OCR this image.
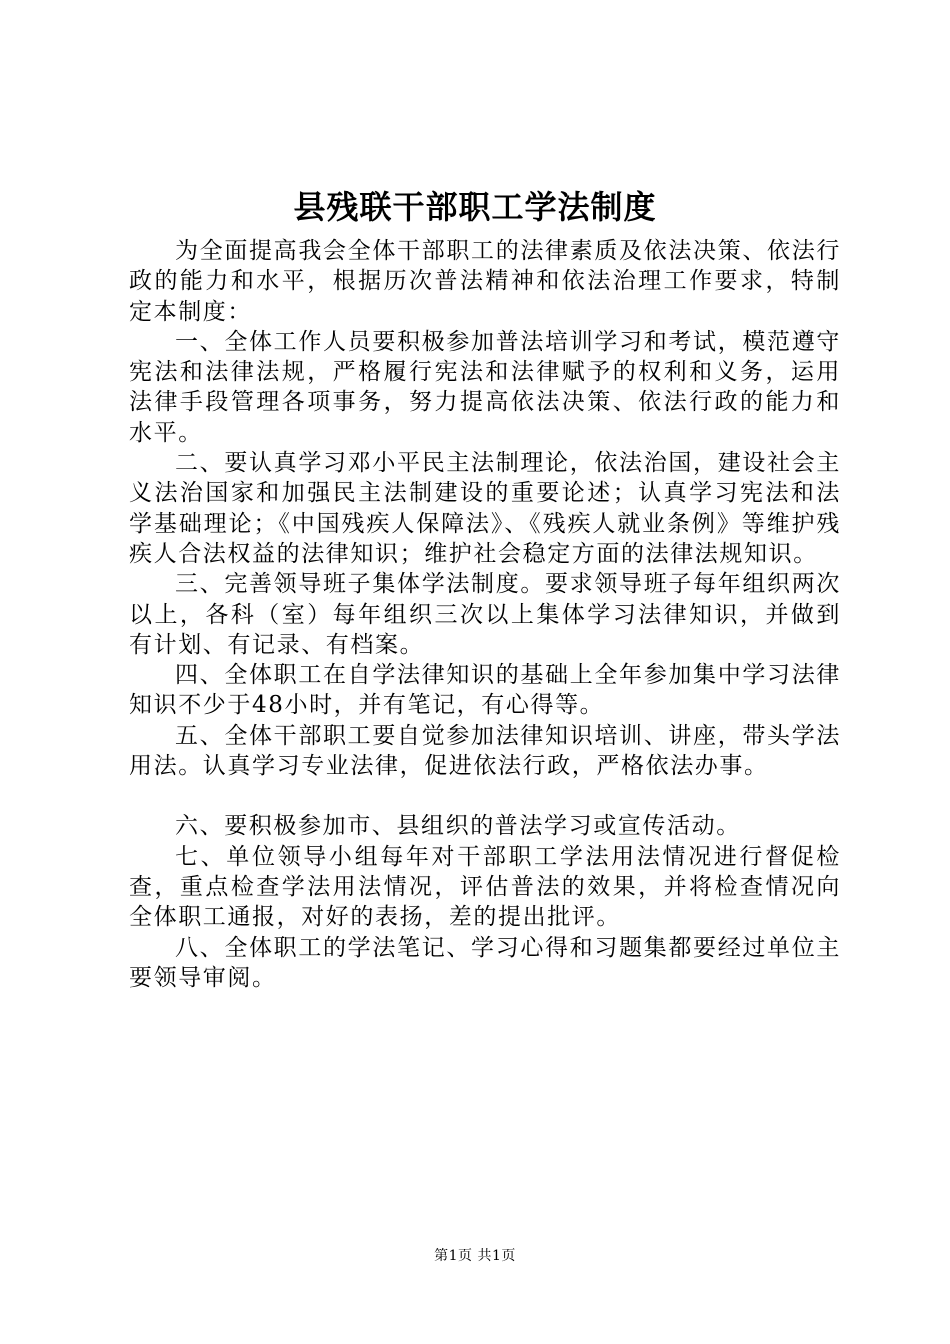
县残联干部职工学法制度

为全面提高我会全体干部职工的法律素质及依法决策、依法行政的能力和水平，根据历次普法精神和依法治理工作要求，特制定本制度：

一、全体工作人员要积极参加普法培训学习和考试，模范遵守宪法和法律法规，严格履行宪法和法律赋予的权利和义务，运用法律手段管理各项事务，努力提高依法决策、依法行政的能力和水平。

二、要认真学习邓小平民主法制理论，依法治国，建设社会主义法治国家和加强民主法制建设的重要论述；认真学习宪法和法学基础理论；《中国残疾人保障法》、《残疾人就业条例》等维护残疾人合法权益的法律知识；维护社会稳定方面的法律法规知识。

三、完善领导班子集体学法制度。要求领导班子每年组织两次以上，各科（室）每年组织三次以上集体学习法律知识，并做到有计划、有记录、有档案。

四、全体职工在自学法律知识的基础上全年参加集中学习法律知识不少于48小时，并有笔记，有心得等。

五、全体干部职工要自觉参加法律知识培训、讲座，带头学法用法。认真学习专业法律，促进依法行政，严格依法办事。

六、要积极参加市、县组织的普法学习或宣传活动。

七、单位领导小组每年对干部职工学法用法情况进行督促检查，重点检查学法用法情况，评估普法的效果，并将检查情况向全体职工通报，对好的表扬，差的提出批评。

八、全体职工的学法笔记、学习心得和习题集都要经过单位主要领导审阅。

第1页 共1页
